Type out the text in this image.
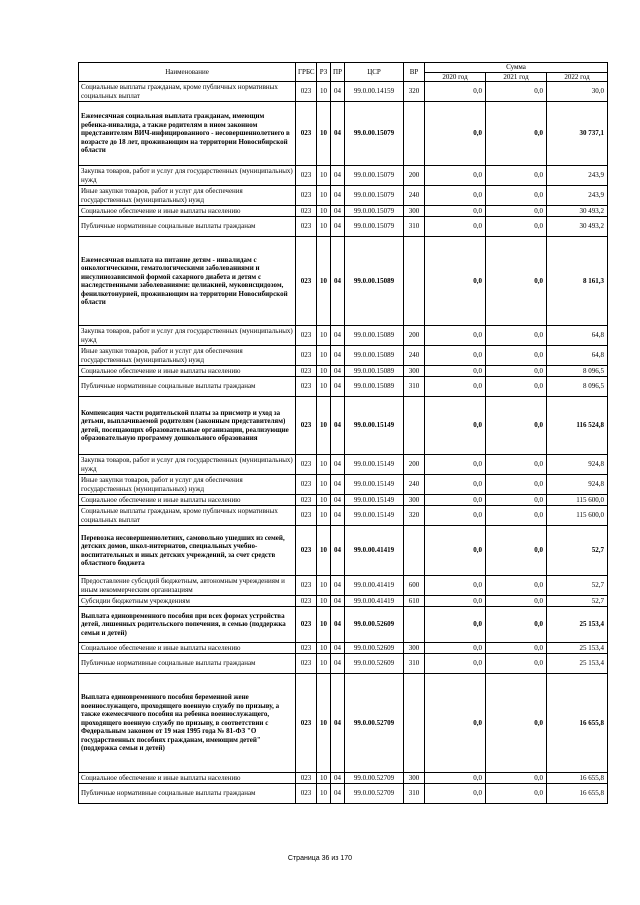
Наименование	ГРБС	РЗ	ПР	ЦСР	ВР	Сумма		
						2020 год	2021 год	2022 год
Социальные выплаты гражданам, кроме публичных нормативных социальных выплат	023	10	04	99.0.00.14159	320	0,0	0,0	30,0
Ежемесячная социальная выплата гражданам, имеющим ребенка-инвалида, а также родителям в ином законном представителям ВИЧ-инфицированного - несовершеннолетнего в возрасте до 18 лет, проживающим на территории Новосибирской области	023	10	04	99.0.00.15079		0,0	0,0	30 737,1
Закупка товаров, работ и услуг для государственных (муниципальных) нужд	023	10	04	99.0.00.15079	200	0,0	0,0	243,9
Иные закупки товаров, работ и услуг для обеспечения государственных (муниципальных) нужд	023	10	04	99.0.00.15079	240	0,0	0,0	243,9
Социальное обеспечение и иные выплаты населению	023	10	04	99.0.00.15079	300	0,0	0,0	30 493,2
Публичные нормативные социальные выплаты гражданам	023	10	04	99.0.00.15079	310	0,0	0,0	30 493,2
Ежемесячная выплата на питание детям - инвалидам с онкологическими, гематологическими заболеваниями и инсулинозависимой формой сахарного диабета и детям с наследственными заболеваниями: целиакией, муковисцидозом, фенилкетонурией, проживающим на территории Новосибирской области	023	10	04	99.0.00.15089		0,0	0,0	8 161,3
Закупка товаров, работ и услуг для государственных (муниципальных) нужд	023	10	04	99.0.00.15089	200	0,0	0,0	64,8
Иные закупки товаров, работ и услуг для обеспечения государственных (муниципальных) нужд	023	10	04	99.0.00.15089	240	0,0	0,0	64,8
Социальное обеспечение и иные выплаты населению	023	10	04	99.0.00.15089	300	0,0	0,0	8 096,5
Публичные нормативные социальные выплаты гражданам	023	10	04	99.0.00.15089	310	0,0	0,0	8 096,5
Компенсация части родительской платы за присмотр и уход за детьми, выплачиваемой родителям (законным представителям) детей, посещающих образовательные организации, реализующие образовательную программу дошкольного образования	023	10	04	99.0.00.15149		0,0	0,0	116 524,8
Закупка товаров, работ и услуг для государственных (муниципальных) нужд	023	10	04	99.0.00.15149	200	0,0	0,0	924,8
Иные закупки товаров, работ и услуг для обеспечения государственных (муниципальных) нужд	023	10	04	99.0.00.15149	240	0,0	0,0	924,8
Социальное обеспечение и иные выплаты населению	023	10	04	99.0.00.15149	300	0,0	0,0	115 600,0
Социальные выплаты гражданам, кроме публичных нормативных социальных выплат	023	10	04	99.0.00.15149	320	0,0	0,0	115 600,0
Перевозка несовершеннолетних, самовольно ушедших из семей, детских домов, школ-интернатов, специальных учебно-воспитательных и иных детских учреждений, за счет средств областного бюджета	023	10	04	99.0.00.41419		0,0	0,0	52,7
Предоставление субсидий бюджетным, автономным учреждениям и иным некоммерческим организациям	023	10	04	99.0.00.41419	600	0,0	0,0	52,7
Субсидии бюджетным учреждениям	023	10	04	99.0.00.41419	610	0,0	0,0	52,7
Выплата единовременного пособия при всех формах устройства детей, лишенных родительского попечения, в семью (поддержка семьи и детей)	023	10	04	99.0.00.52609		0,0	0,0	25 153,4
Социальное обеспечение и иные выплаты населению	023	10	04	99.0.00.52609	300	0,0	0,0	25 153,4
Публичные нормативные социальные выплаты гражданам	023	10	04	99.0.00.52609	310	0,0	0,0	25 153,4
Выплата единовременного пособия беременной жене военнослужащего, проходящего военную службу по призыву, а также ежемесячного пособия на ребенка военнослужащего, проходящего военную службу по призыву, в соответствии с Федеральным законом от 19 мая 1995 года № 81-ФЗ "О государственных пособиях гражданам, имеющим детей" (поддержка семьи и детей)	023	10	04	99.0.00.52709		0,0	0,0	16 655,8
Социальное обеспечение и иные выплаты населению	023	10	04	99.0.00.52709	300	0,0	0,0	16 655,8
Публичные нормативные социальные выплаты гражданам	023	10	04	99.0.00.52709	310	0,0	0,0	16 655,8
Страница 36 из 170
